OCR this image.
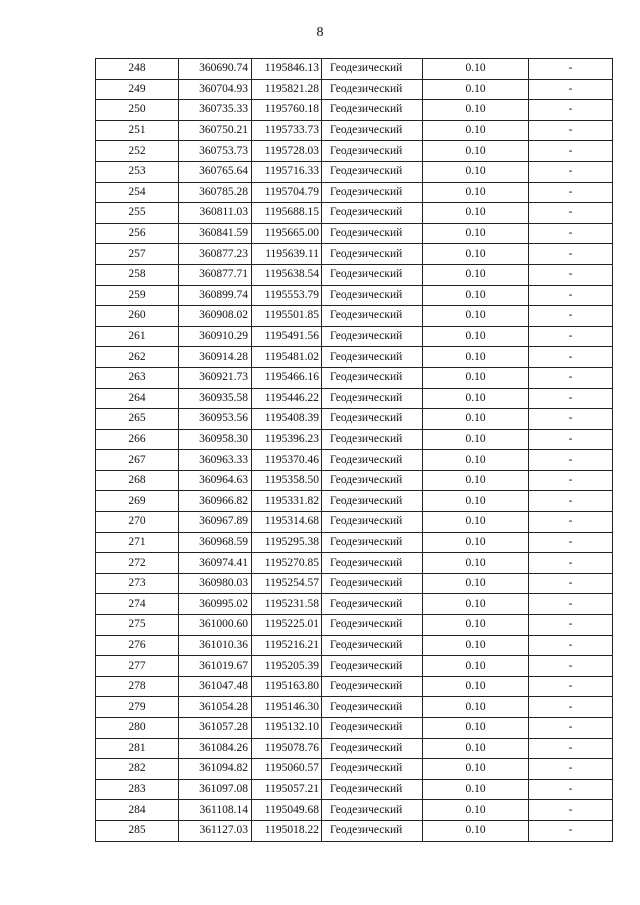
8
248	360690.74	1195846.13	Геодезический	0.10	-
249	360704.93	1195821.28	Геодезический	0.10	-
250	360735.33	1195760.18	Геодезический	0.10	-
251	360750.21	1195733.73	Геодезический	0.10	-
252	360753.73	1195728.03	Геодезический	0.10	-
253	360765.64	1195716.33	Геодезический	0.10	-
254	360785.28	1195704.79	Геодезический	0.10	-
255	360811.03	1195688.15	Геодезический	0.10	-
256	360841.59	1195665.00	Геодезический	0.10	-
257	360877.23	1195639.11	Геодезический	0.10	-
258	360877.71	1195638.54	Геодезический	0.10	-
259	360899.74	1195553.79	Геодезический	0.10	-
260	360908.02	1195501.85	Геодезический	0.10	-
261	360910.29	1195491.56	Геодезический	0.10	-
262	360914.28	1195481.02	Геодезический	0.10	-
263	360921.73	1195466.16	Геодезический	0.10	-
264	360935.58	1195446.22	Геодезический	0.10	-
265	360953.56	1195408.39	Геодезический	0.10	-
266	360958.30	1195396.23	Геодезический	0.10	-
267	360963.33	1195370.46	Геодезический	0.10	-
268	360964.63	1195358.50	Геодезический	0.10	-
269	360966.82	1195331.82	Геодезический	0.10	-
270	360967.89	1195314.68	Геодезический	0.10	-
271	360968.59	1195295.38	Геодезический	0.10	-
272	360974.41	1195270.85	Геодезический	0.10	-
273	360980.03	1195254.57	Геодезический	0.10	-
274	360995.02	1195231.58	Геодезический	0.10	-
275	361000.60	1195225.01	Геодезический	0.10	-
276	361010.36	1195216.21	Геодезический	0.10	-
277	361019.67	1195205.39	Геодезический	0.10	-
278	361047.48	1195163.80	Геодезический	0.10	-
279	361054.28	1195146.30	Геодезический	0.10	-
280	361057.28	1195132.10	Геодезический	0.10	-
281	361084.26	1195078.76	Геодезический	0.10	-
282	361094.82	1195060.57	Геодезический	0.10	-
283	361097.08	1195057.21	Геодезический	0.10	-
284	361108.14	1195049.68	Геодезический	0.10	-
285	361127.03	1195018.22	Геодезический	0.10	-
